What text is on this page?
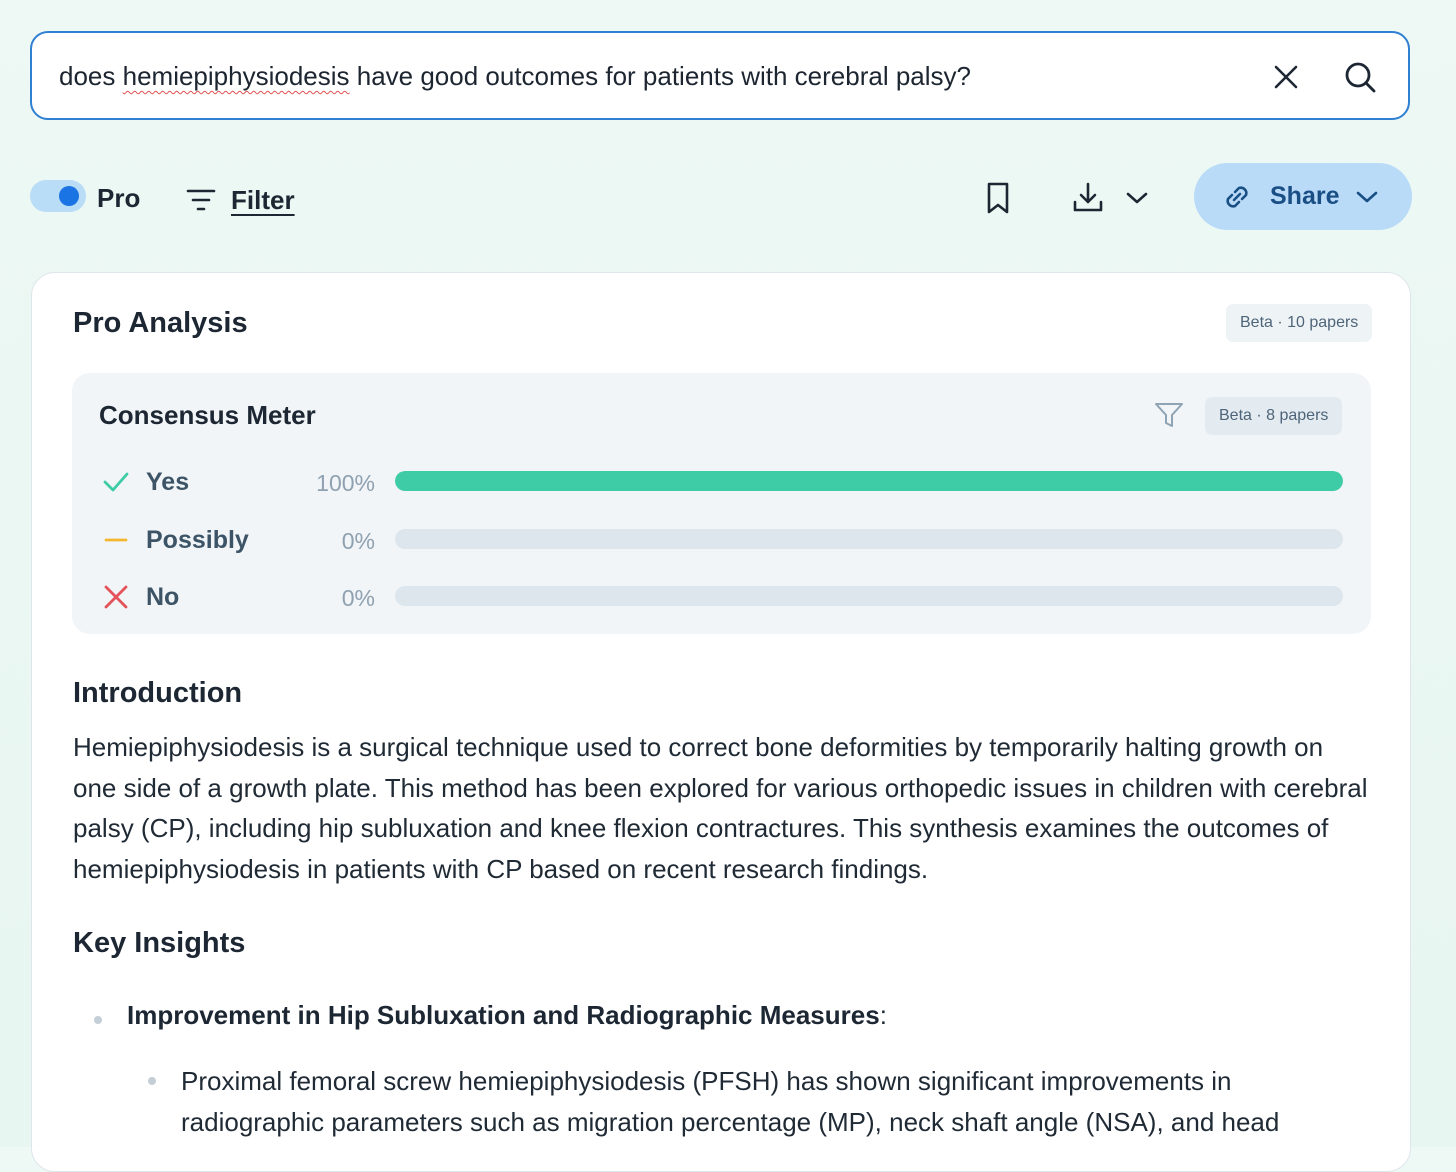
does hemiepiphysiodesis have good outcomes for patients with cerebral palsy?
Pro	Filter	Share
Pro Analysis	Beta · 10 papers
Consensus Meter	Beta · 8 papers
Yes	100%
Possibly	0%
No	0%
Introduction
Hemiepiphysiodesis is a surgical technique used to correct bone deformities by temporarily halting growth on one side of a growth plate. This method has been explored for various orthopedic issues in children with cerebral palsy (CP), including hip subluxation and knee flexion contractures. This synthesis examines the outcomes of hemiepiphysiodesis in patients with CP based on recent research findings.
Key Insights
Improvement in Hip Subluxation and Radiographic Measures:
Proximal femoral screw hemiepiphysiodesis (PFSH) has shown significant improvements in radiographic parameters such as migration percentage (MP), neck shaft angle (NSA), and head
